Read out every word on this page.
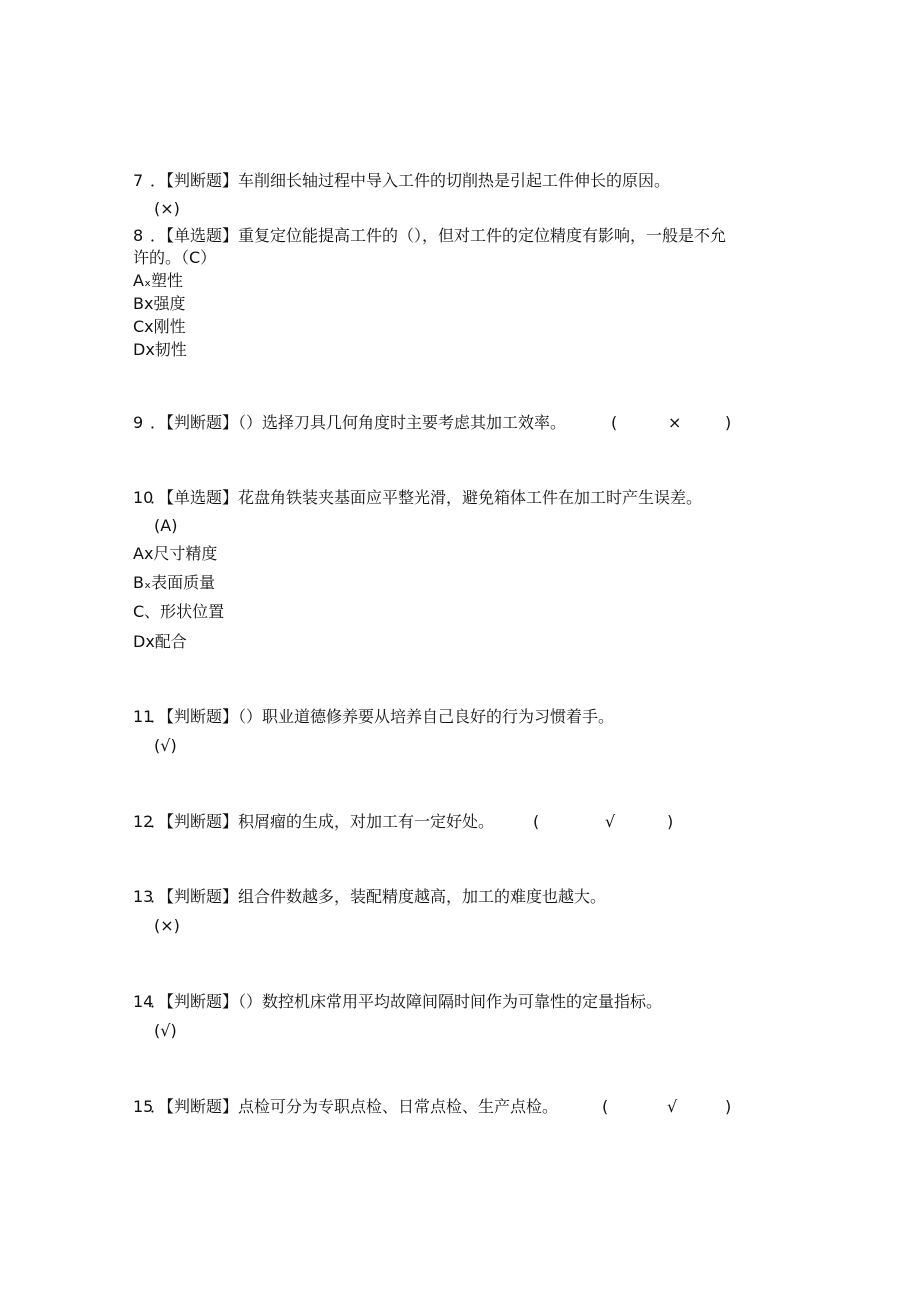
7 ．【判断题】车削细长轴过程中导入工件的切削热是引起工件伸长的原因。
(×)
8 ．【单选题】重复定位能提高工件的（），但对工件的定位精度有影响，一般是不允
许的。（C）
Aₓ塑性
Bx强度
Cx刚性
Dx韧性
9 ．【判断题】（）选择刀具几何角度时主要考虑其加工效率。	(	×	)
10
．【单选题】花盘角铁装夹基面应平整光滑，避免箱体工件在加工时产生误差。
(A)
Ax尺寸精度
Bₓ表面质量
C、形状位置
Dx配合
11
．【判断题】（）职业道德修养要从培养自己良好的行为习惯着手。
(√)
12
．【判断题】积屑瘤的生成，对加工有一定好处。 (	√	)
13
．【判断题】组合件数越多，装配精度越高，加工的难度也越大。
(×)
14
．【判断题】（）数控机床常用平均故障间隔时间作为可靠性的定量指标。
(√)
15
．【判断题】点检可分为专职点检、日常点检、生产点检。	(	√	)
